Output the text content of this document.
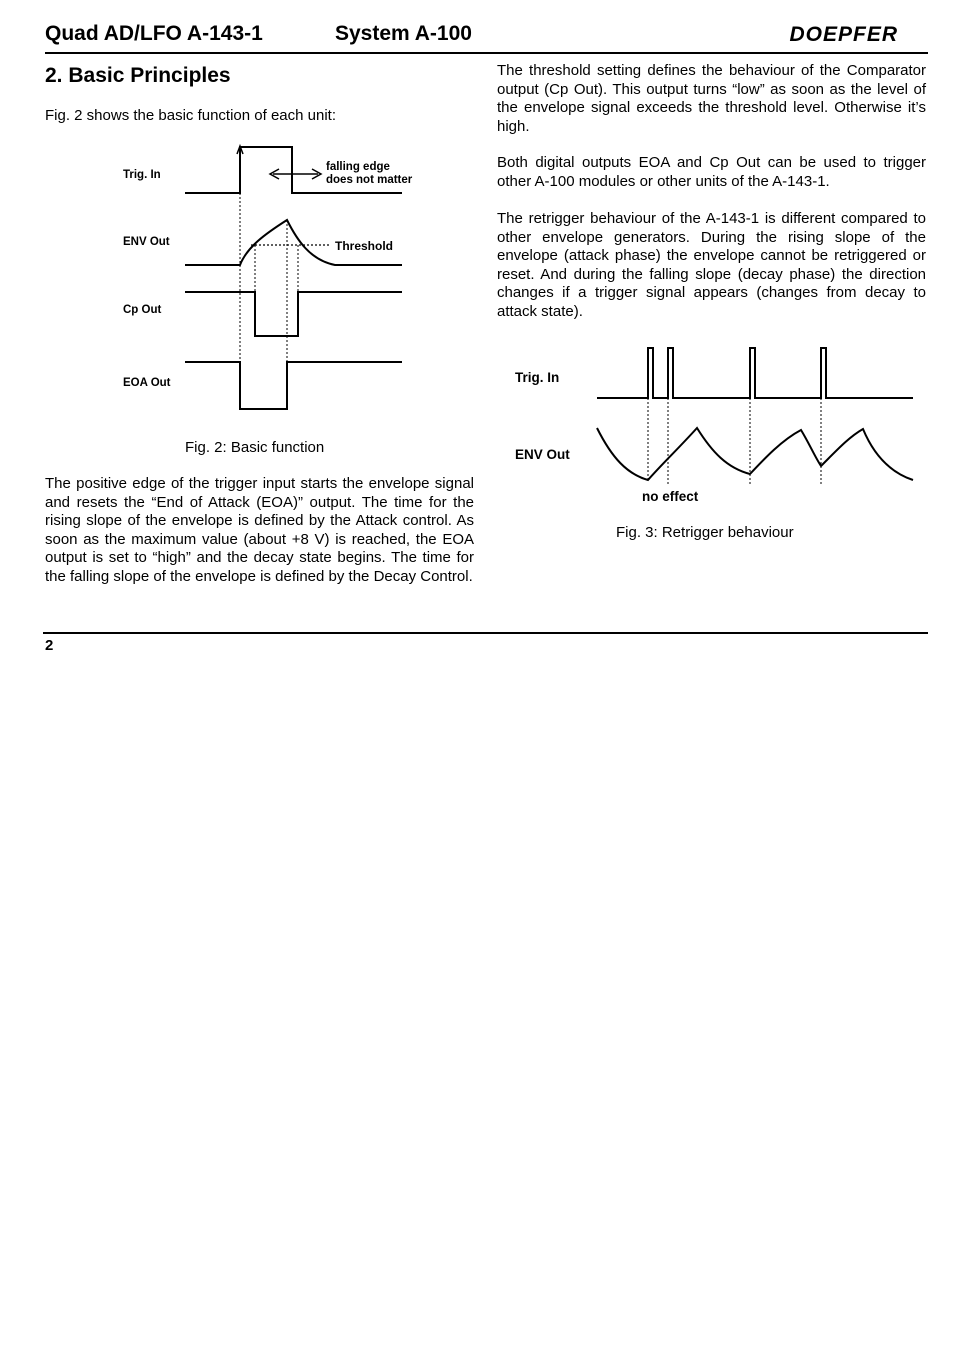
Quad AD/LFO A-143-1	System A-100	DOEPFER
2. Basic Principles

Fig. 2 shows the basic function of each unit:

Trig. In
ENV Out
Cp Out
EOA Out
falling edge
does not matter
Threshold

Fig. 2: Basic function

The positive edge of the trigger input starts the envelope signal and resets the “End of Attack (EOA)” output. The time for the rising slope of the envelope is defined by the Attack control. As soon as the maximum value (about +8 V) is reached, the EOA output is set to “high” and the decay state begins. The time for the falling slope of the envelope is defined by the Decay Control.

The threshold setting defines the behaviour of the Comparator output (Cp Out). This output turns “low” as soon as the level of the envelope signal exceeds the threshold level. Otherwise it’s high.

Both digital outputs EOA and Cp Out can be used to trigger other A-100 modules or other units of the A-143-1.

The retrigger behaviour of the A-143-1 is different compared to other envelope generators. During the rising slope of the envelope (attack phase) the envelope cannot be retriggered or reset. And during the falling slope (decay phase) the direction changes if a trigger signal appears (changes from decay to attack state).

Trig. In
ENV Out
no effect

Fig. 3: Retrigger behaviour

2
